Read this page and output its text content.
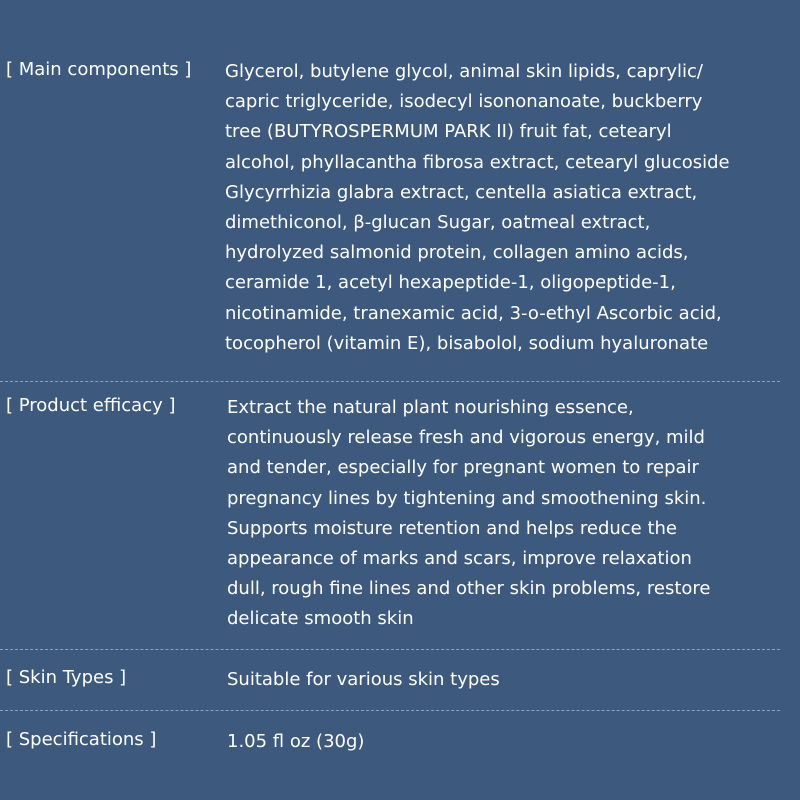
[ Main components ] Glycerol, butylene glycol, animal skin lipids, caprylic/
capric triglyceride, isodecyl isononanoate, buckberry
tree (BUTYROSPERMUM PARK II) fruit fat, cetearyl
alcohol, phyllacantha fibrosa extract, cetearyl glucoside
Glycyrrhizia glabra extract, centella asiatica extract,
dimethiconol, β-glucan Sugar, oatmeal extract,
hydrolyzed salmonid protein, collagen amino acids,
ceramide 1, acetyl hexapeptide-1, oligopeptide-1,
nicotinamide, tranexamic acid, 3-o-ethyl Ascorbic acid,
tocopherol (vitamin E), bisabolol, sodium hyaluronate
[ Product efficacy ]	Extract the natural plant nourishing essence,
continuously release fresh and vigorous energy, mild
and tender, especially for pregnant women to repair
pregnancy lines by tightening and smoothening skin.
Supports moisture retention and helps reduce the
appearance of marks and scars, improve relaxation
dull, rough fine lines and other skin problems, restore
delicate smooth skin
[ Skin Types ]	Suitable for various skin types
[ Specifications ]	1.05 fl oz (30g)
